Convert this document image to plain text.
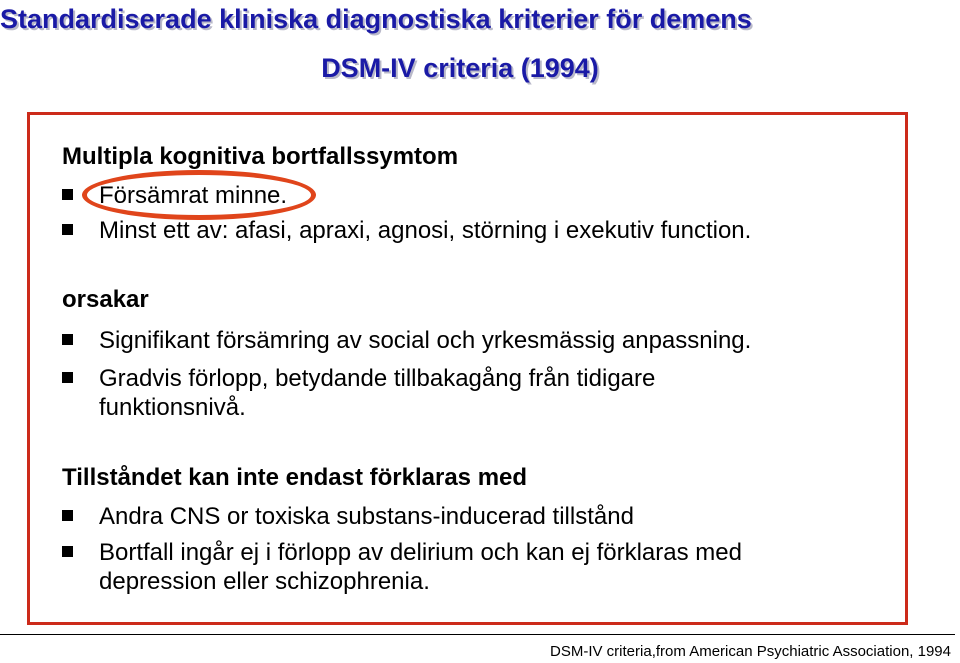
Standardiserade kliniska diagnostiska kriterier för demens
DSM-IV criteria (1994)
Multipla kognitiva bortfallssymtom
Försämrat minne.
Minst ett av: afasi, apraxi, agnosi, störning i exekutiv function.
orsakar
Signifikant försämring av social och yrkesmässig anpassning.
Gradvis förlopp, betydande tillbakagång från tidigare
funktionsnivå.
Tillståndet kan inte endast förklaras med
Andra CNS or toxiska substans-inducerad tillstånd
Bortfall ingår ej i förlopp av delirium och kan ej förklaras med
depression eller schizophrenia.
DSM-IV criteria,from American Psychiatric Association, 1994
